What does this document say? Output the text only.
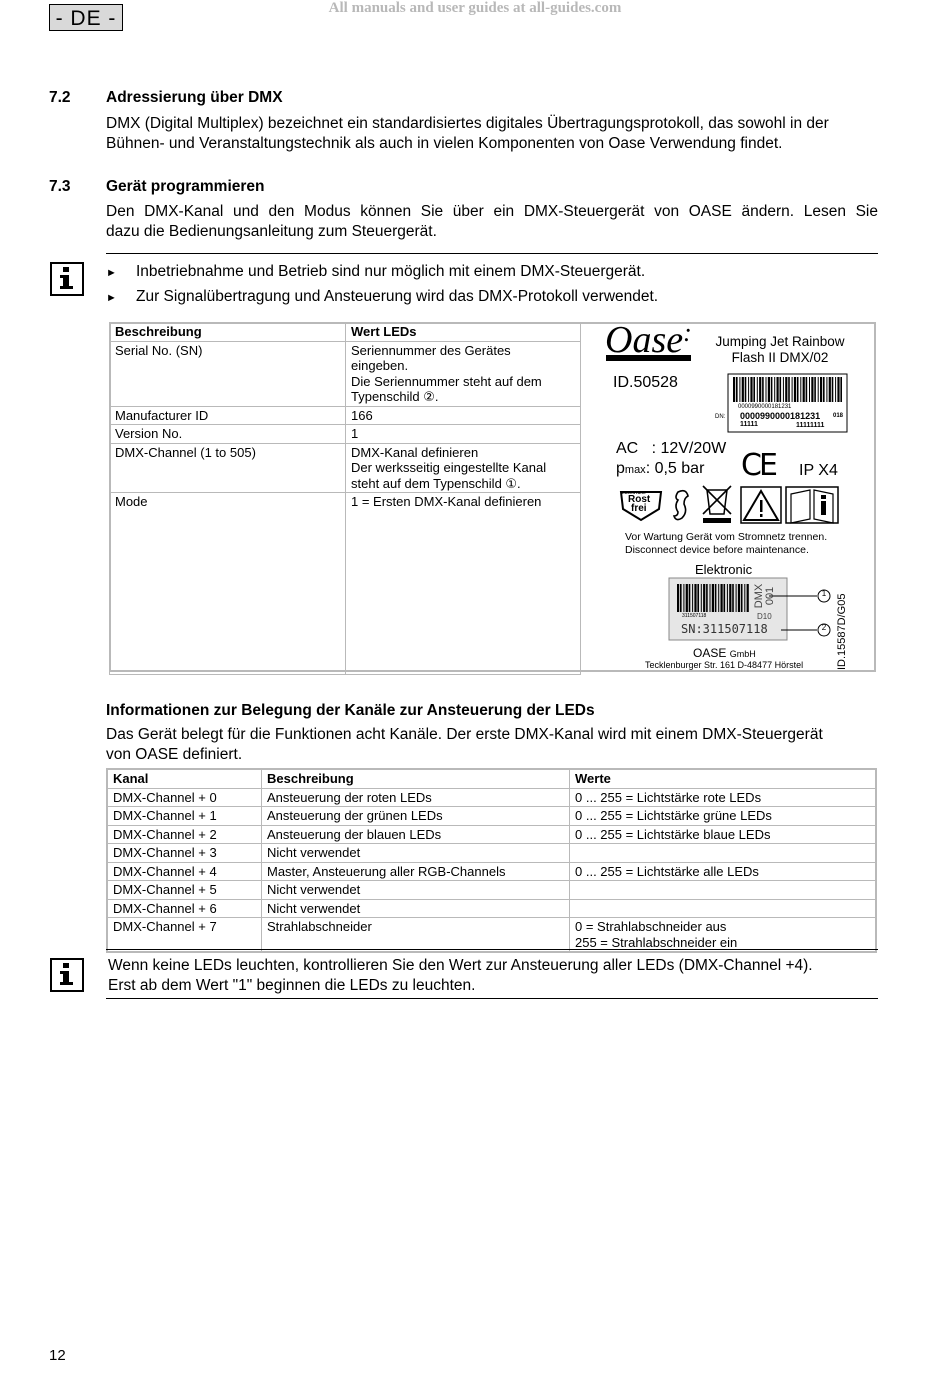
- DE -	All manuals and user guides at all-guides.com
7.2 Adressierung über DMX
DMX (Digital Multiplex) bezeichnet ein standardisiertes digitales Übertragungsprotokoll, das sowohl in der
Bühnen- und Veranstaltungstechnik als auch in vielen Komponenten von Oase Verwendung findet.
7.3 Gerät programmieren
Den DMX-Kanal und den Modus können Sie über ein DMX-Steuergerät von OASE ändern. Lesen Sie
dazu die Bedienungsanleitung zum Steuergerät.
► Inbetriebnahme und Betrieb sind nur möglich mit einem DMX-Steuergerät.
► Zur Signalübertragung und Ansteuerung wird das DMX-Protokoll verwendet.
Beschreibung	Wert LEDs
Serial No. (SN)	Seriennummer des Gerätes
eingeben.
Die Seriennummer steht auf dem
Typenschild ②.

Manufacturer ID	166
Version No.	1
DMX-Channel (1 to 505)	DMX-Kanal definieren
Der werksseitig eingestellte Kanal
steht auf dem Typenschild ①.

Mode	1 = Ersten DMX-Kanal definieren
Oase:	Jumping Jet Rainbow
Flash II DMX/02
ID.50528
0000990000181231
DN: 0000990000181231 018
11111	11111111
AC   : 12V/20W
pmax: 0,5 bar CE IP X4
EDELSTAHL
Rost
frei
Vor Wartung Gerät vom Stromnetz trennen.
Disconnect device before maintenance.
Elektronic
DMX
001
311507118	D10
SN:311507118
1
2
OASE GmbH
Tecklenburger Str. 161 D-48477 Hörstel	ID.15587D/G05
Informationen zur Belegung der Kanäle zur Ansteuerung der LEDs
Das Gerät belegt für die Funktionen acht Kanäle. Der erste DMX-Kanal wird mit einem DMX-Steuergerät
von OASE definiert.
Kanal	Beschreibung	Werte
DMX-Channel + 0	Ansteuerung der roten LEDs	0 ... 255 = Lichtstärke rote LEDs
DMX-Channel + 1	Ansteuerung der grünen LEDs	0 ... 255 = Lichtstärke grüne LEDs
DMX-Channel + 2	Ansteuerung der blauen LEDs	0 ... 255 = Lichtstärke blaue LEDs
DMX-Channel + 3	Nicht verwendet	
DMX-Channel + 4	Master, Ansteuerung aller RGB-Channels	0 ... 255 = Lichtstärke alle LEDs
DMX-Channel + 5	Nicht verwendet	
DMX-Channel + 6	Nicht verwendet	
DMX-Channel + 7	Strahlabschneider	0 = Strahlabschneider aus
255 = Strahlabschneider ein
Wenn keine LEDs leuchten, kontrollieren Sie den Wert zur Ansteuerung aller LEDs (DMX-Channel +4).
Erst ab dem Wert "1" beginnen die LEDs zu leuchten.
12
